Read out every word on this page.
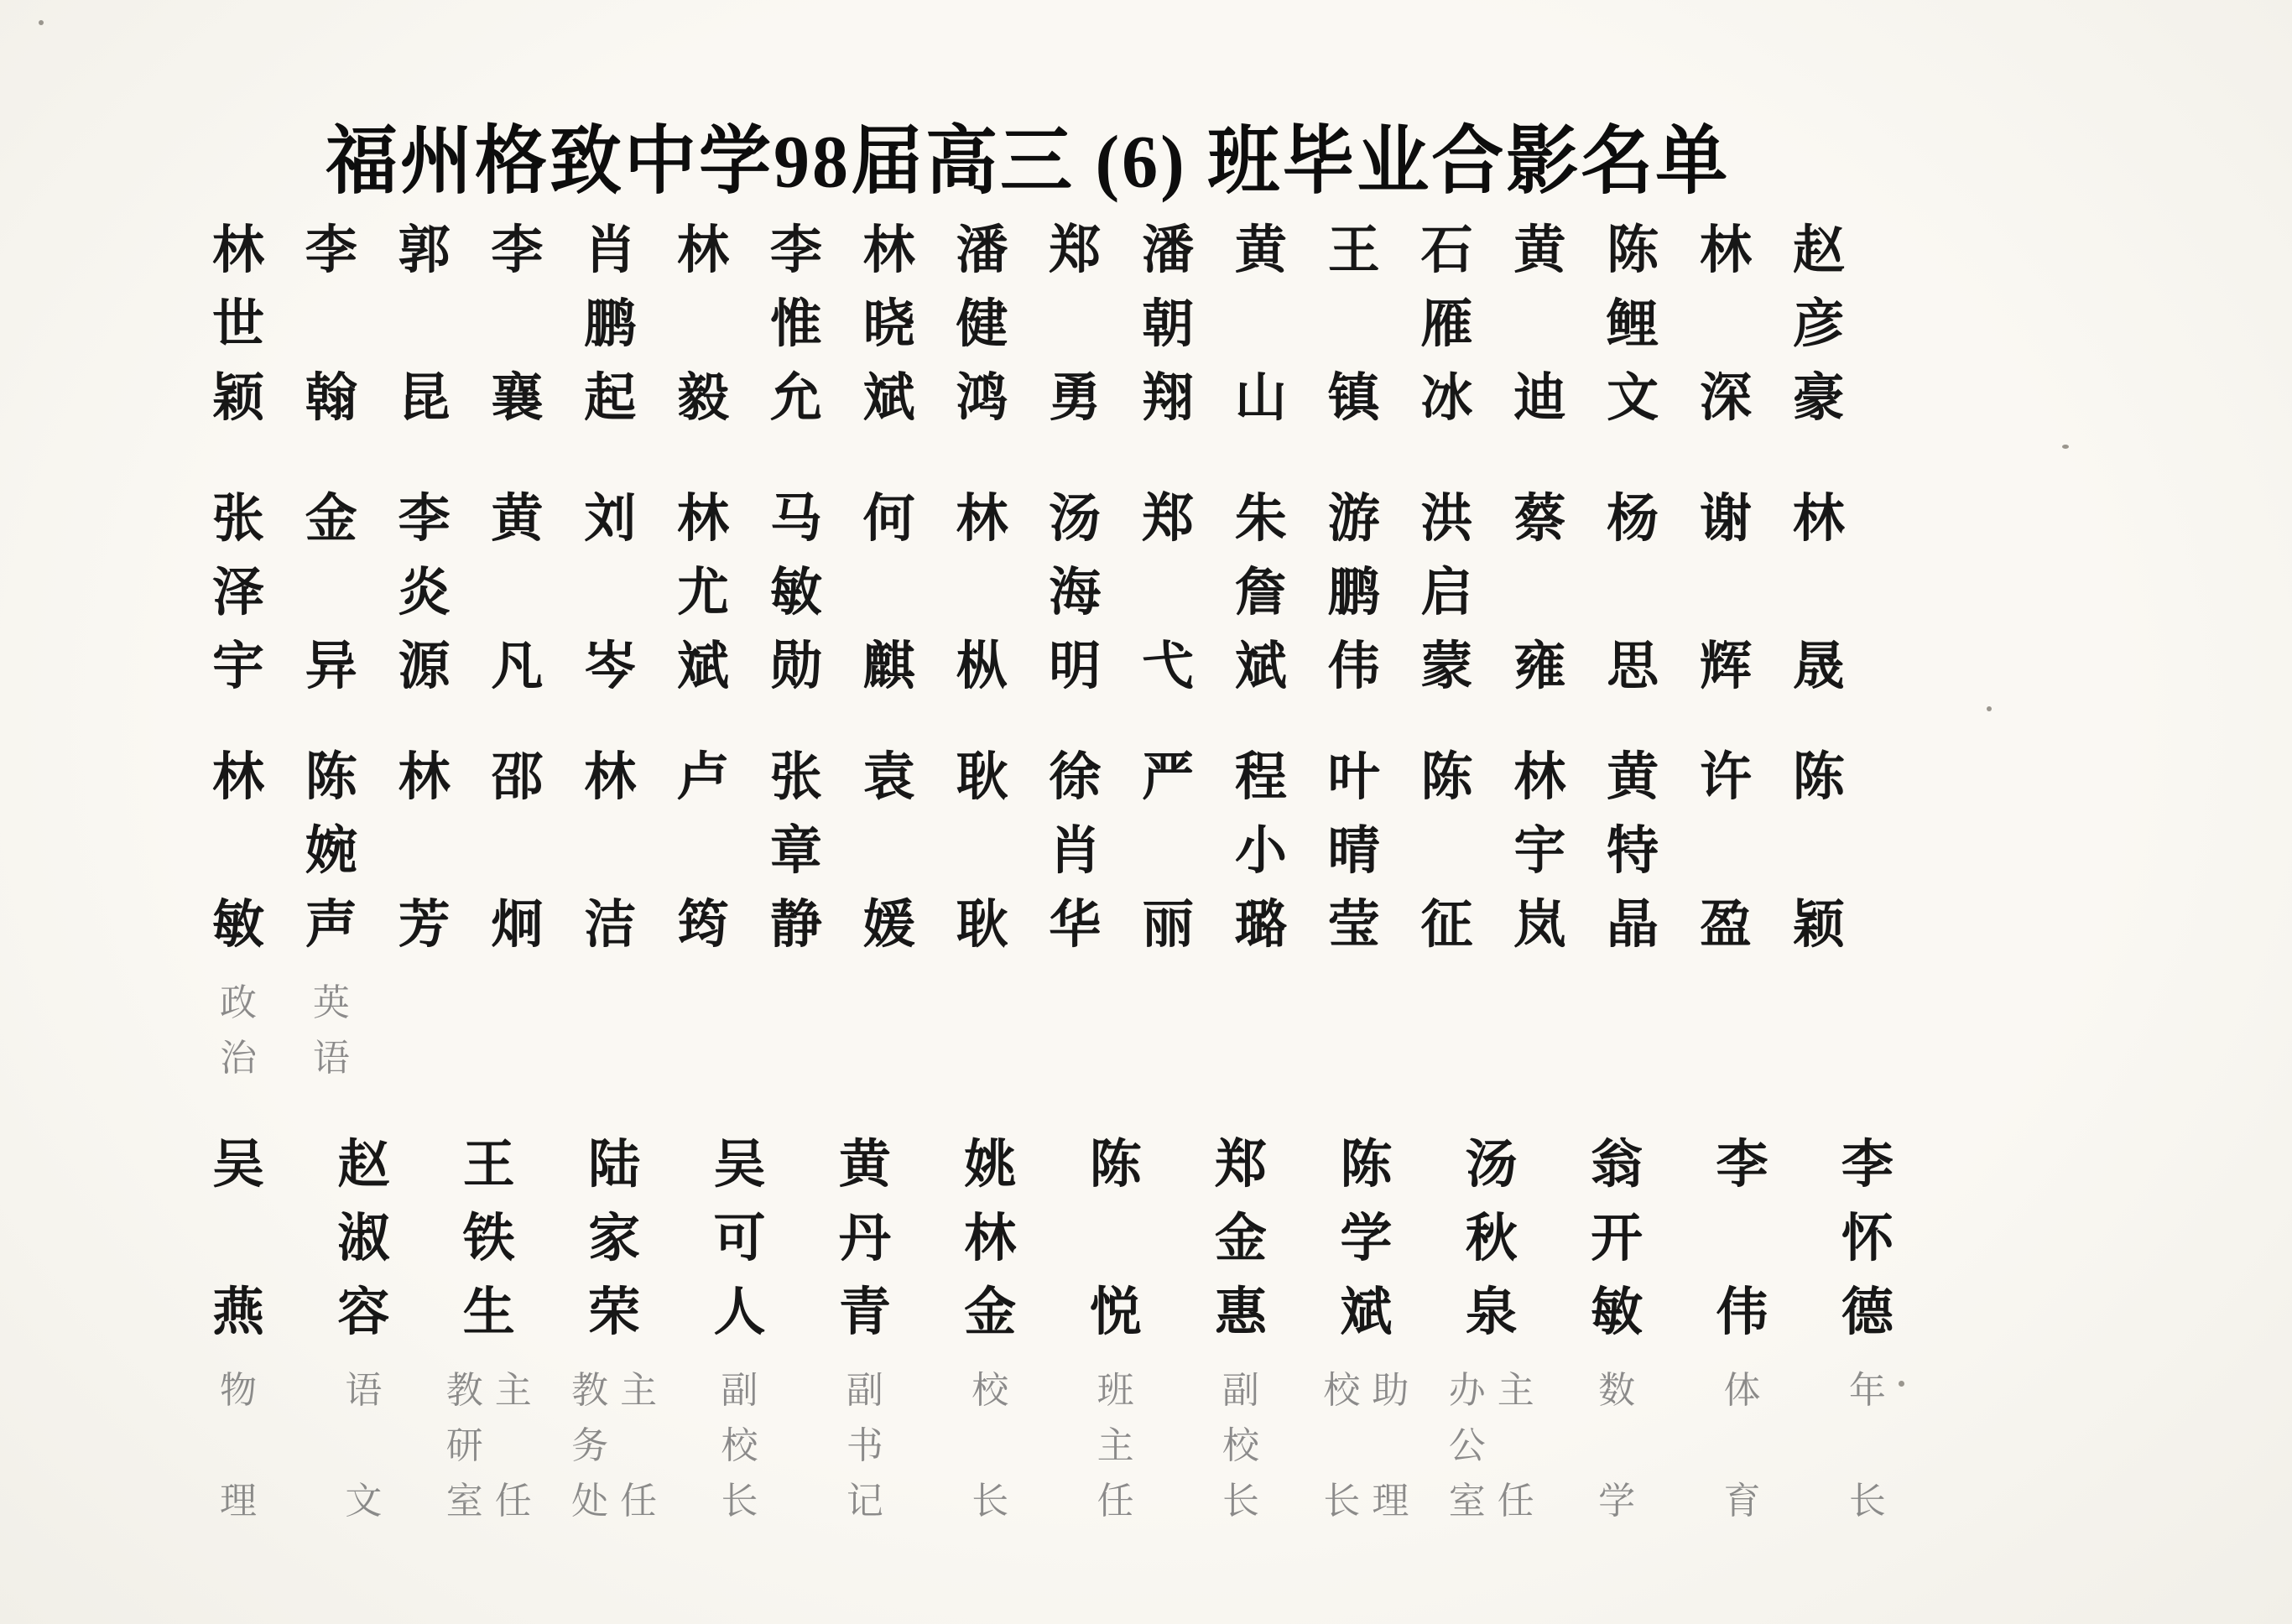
福州格致中学98届高三 (6) 班毕业合影名单
林
世
颖
李
翰
郭
昆
李
襄
肖
鹏
起
林
毅
李
惟
允
林
晓
斌
潘
健
鸿
郑
勇
潘
朝
翔
黄
山
王
镇
石
雁
冰
黄
迪
陈
鲤
文
林
深
赵
彦
豪
张
泽
宇
金
异
李
炎
源
黄
凡
刘
岑
林
尤
斌
马
敏
勋
何
麒
林
枞
汤
海
明
郑
弋
朱
詹
斌
游
鹏
伟
洪
启
蒙
蔡
雍
杨
思
谢
辉
林
晟
林
敏
政
治
陈
婉
声
英
语
林
芳
邵
炯
林
洁
卢
筠
张
章
静
袁
媛
耿
耿
徐
肖
华
严
丽
程
小
璐
叶
晴
莹
陈
征
林
宇
岚
黄
特
晶
许
盈
陈
颖
吴
燕
物
理
赵
淑
容
语
文
王
铁
生
教
研
室
主
任
陆
家
荣
教
务
处
主
任
吴
可
人
副
校
长
黄
丹
青
副
书
记
姚
林
金
校
长
陈
悦
班
主
任
郑
金
惠
副
校
长
陈
学
斌
校
长
助
理
汤
秋
泉
办
公
室
主
任
翁
开
敏
数
学
李
伟
体
育
李
怀
德
年
长
